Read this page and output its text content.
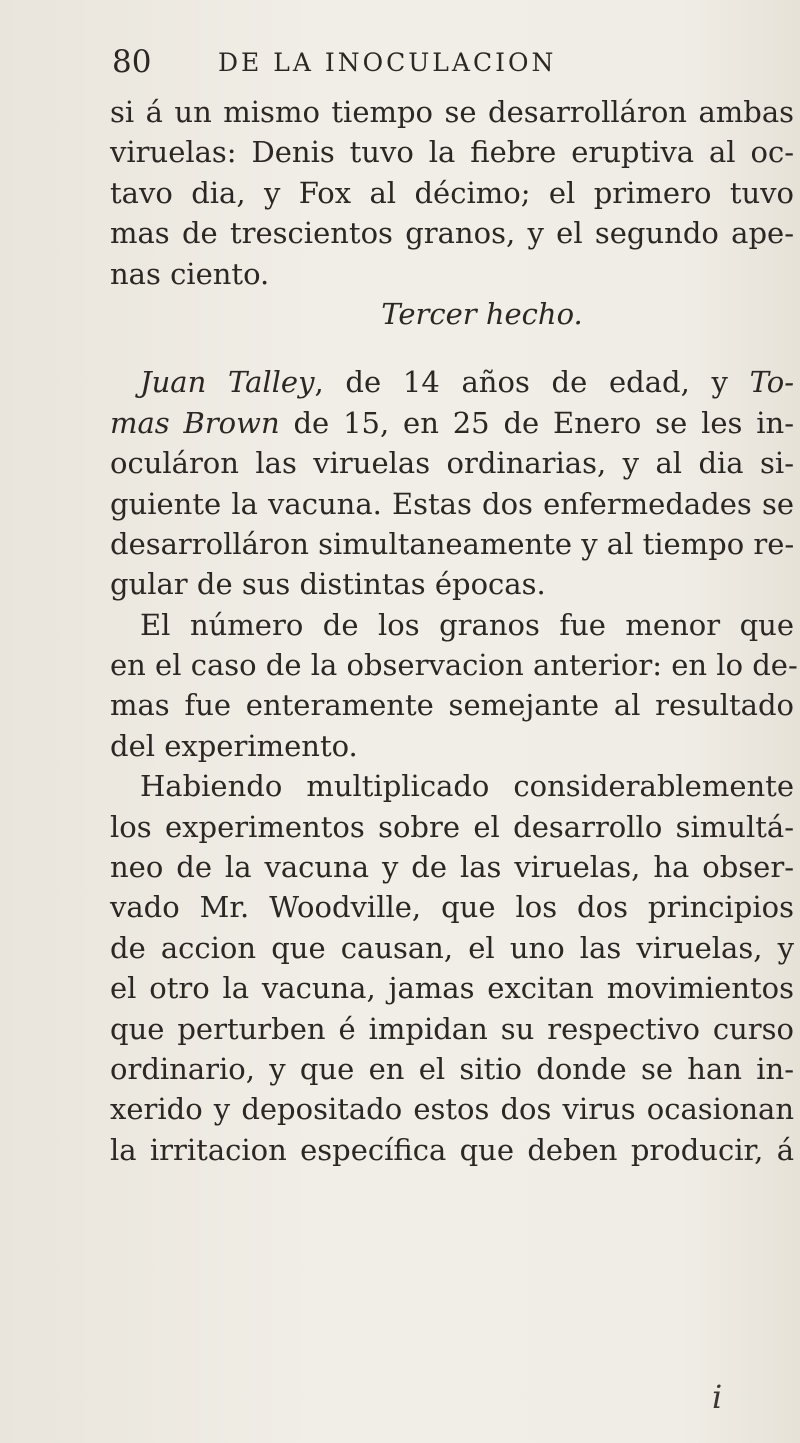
80	DE LA INOCULACION
si á un mismo tiempo se desarrolláron ambas
viruelas: Denis tuvo la fiebre eruptiva al oc-
tavo dia, y Fox al décimo; el primero tuvo
mas de trescientos granos, y el segundo ape-
nas ciento.
Tercer hecho.
Juan Talley, de 14 años de edad, y To-
mas Brown de 15, en 25 de Enero se les in-
oculáron las viruelas ordinarias, y al dia si-
guiente la vacuna. Estas dos enfermedades se
desarrolláron simultaneamente y al tiempo re-
gular de sus distintas épocas.
El número de los granos fue menor que
en el caso de la observacion anterior: en lo de-
mas fue enteramente semejante al resultado
del experimento.
Habiendo multiplicado considerablemente
los experimentos sobre el desarrollo simultá-
neo de la vacuna y de las viruelas, ha obser-
vado Mr. Woodville, que los dos principios
de accion que causan, el uno las viruelas, y
el otro la vacuna, jamas excitan movimientos
que perturben é impidan su respectivo curso
ordinario, y que en el sitio donde se han in-
xerido y depositado estos dos virus ocasionan
la irritacion específica que deben producir, á
i
